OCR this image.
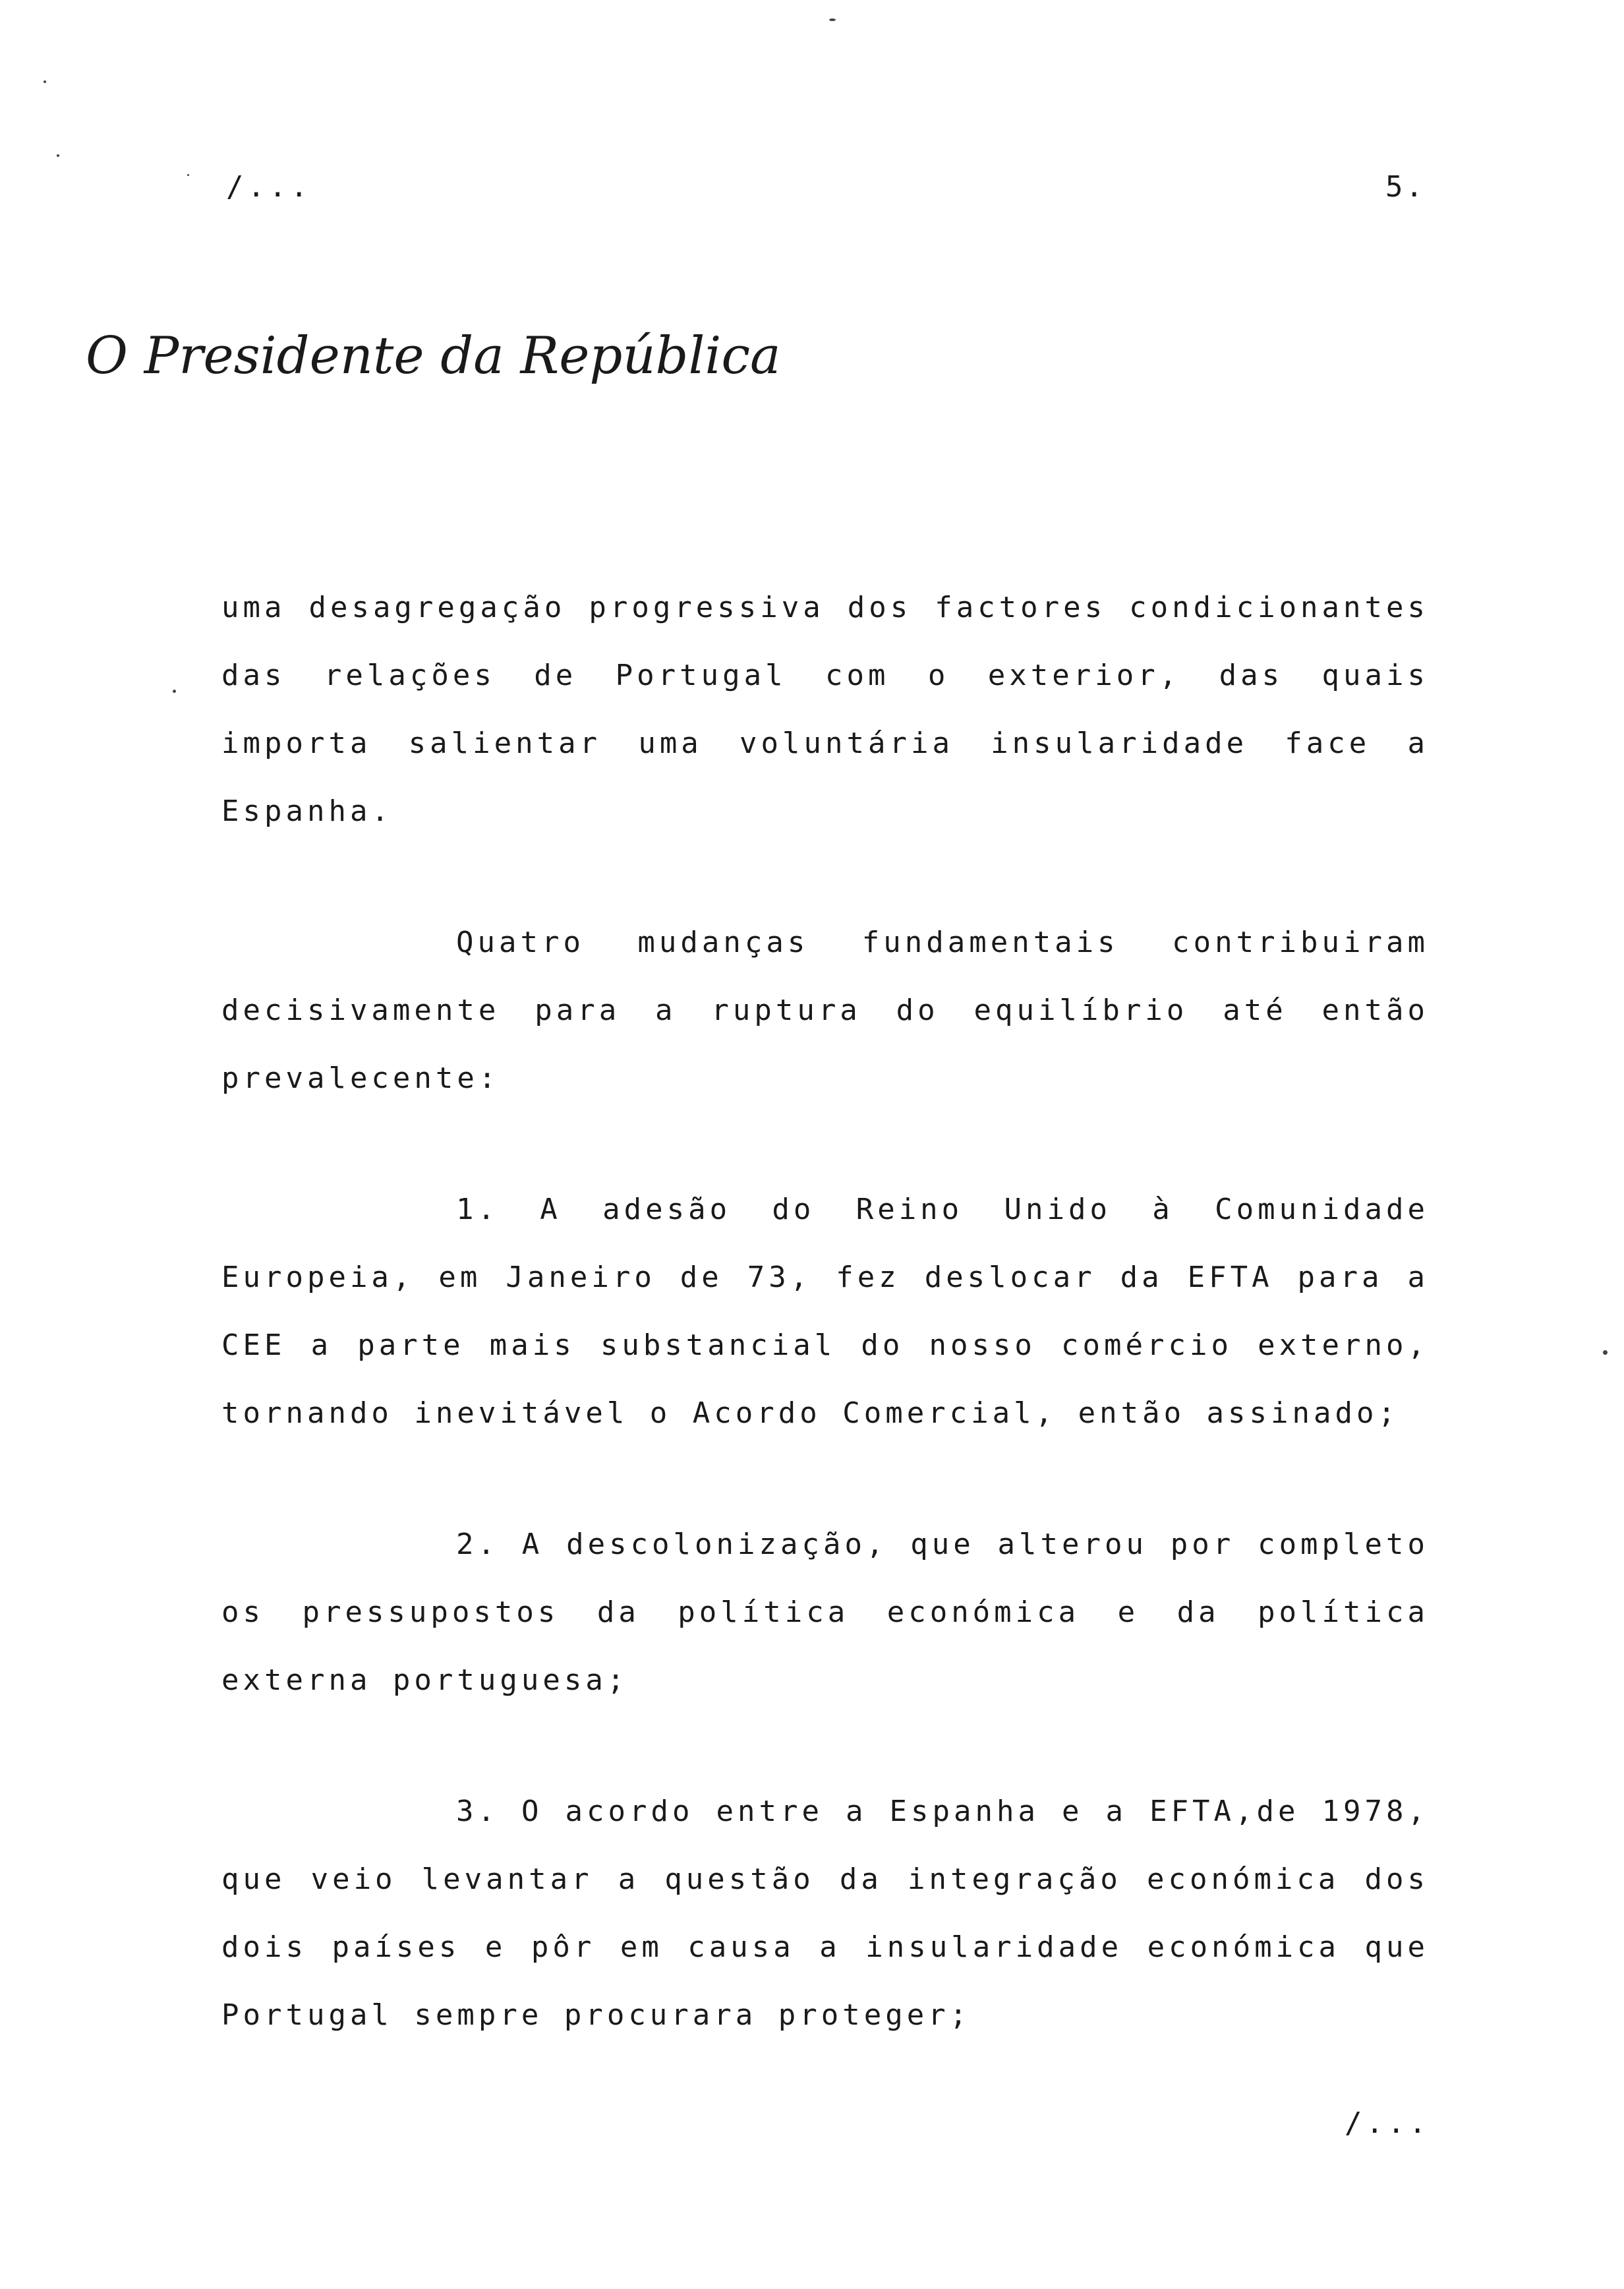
/...	5.
O Presidente da República

uma desagregação progressiva dos factores condicionantes das relações de Portugal com o exterior, das quais importa salientar uma voluntária insularidade face a Espanha.

Quatro mudanças fundamentais contribuiram decisivamente para a ruptura do equilíbrio até então prevalecente:

1. A adesão do Reino Unido à Comunidade Europeia, em Janeiro de 73, fez deslocar da EFTA para a CEE a parte mais substancial do nosso comércio externo, tornando inevitável o Acordo Comercial, então assinado;

2. A descolonização, que alterou por completo os pressupostos da política económica e da política externa portuguesa;

3. O acordo entre a Espanha e a EFTA,de 1978, que veio levantar a questão da integração económica dos dois países e pôr em causa a insularidade económica que Portugal sempre procurara proteger;

/...
